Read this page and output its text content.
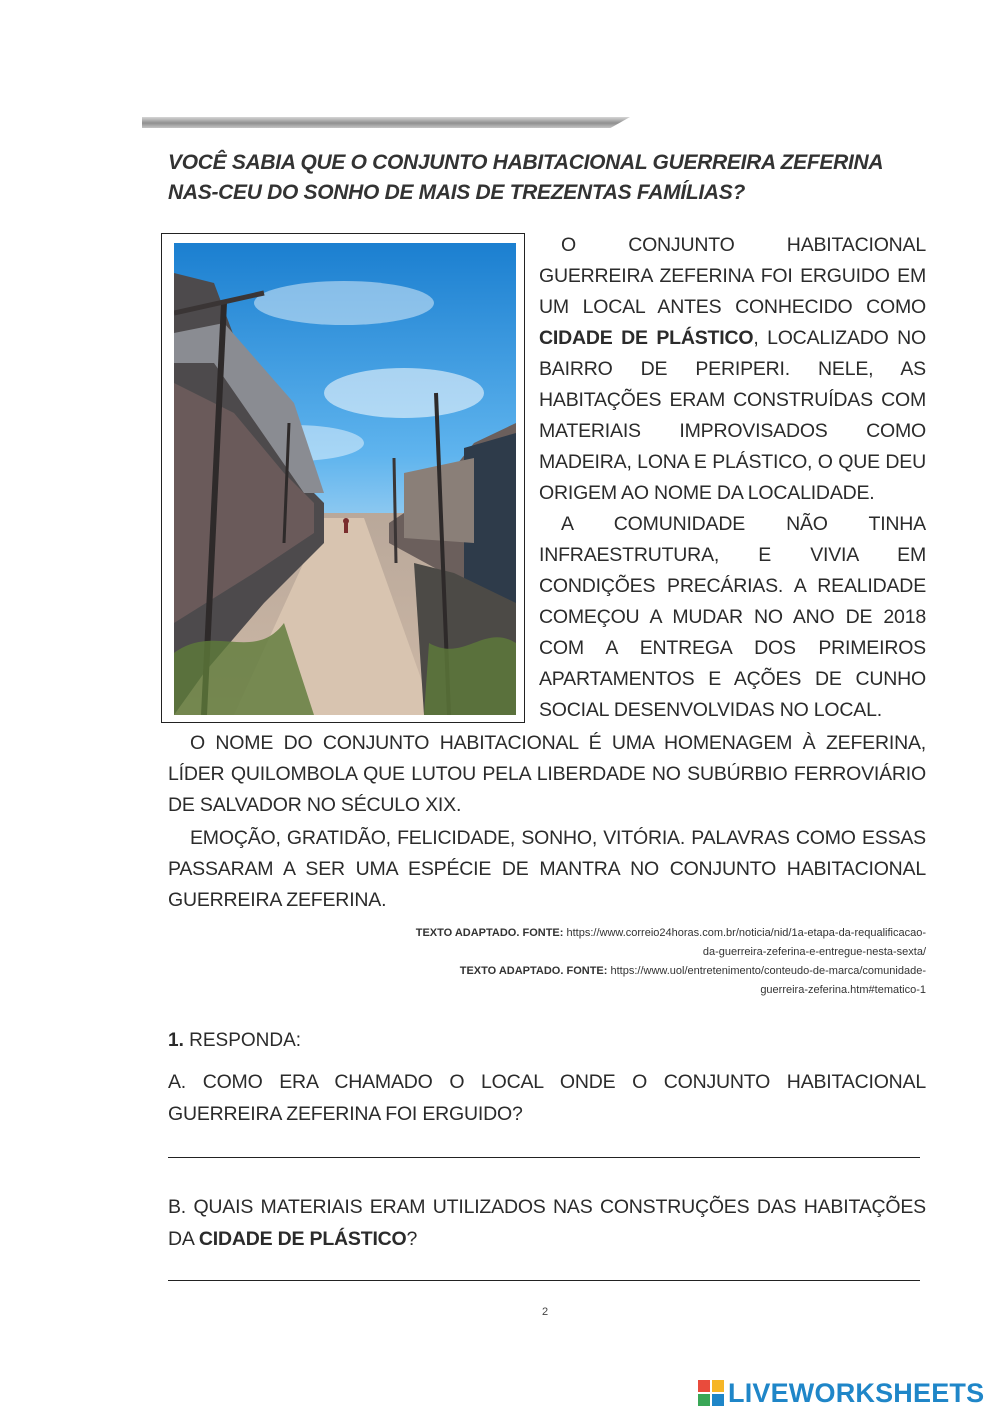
VOCÊ SABIA QUE O CONJUNTO HABITACIONAL GUERREIRA ZEFERINA NAS-CEU DO SONHO DE MAIS DE TREZENTAS FAMÍLIAS?

O CONJUNTO HABITACIONAL GUERREIRA ZEFERINA FOI ERGUIDO EM UM LOCAL ANTES CONHECIDO COMO CIDADE DE PLÁSTICO, LOCALIZADO NO BAIRRO DE PERIPERI. NELE, AS HABITAÇÕES ERAM CONSTRUÍDAS COM MATERIAIS IMPROVISADOS COMO MADEIRA, LONA E PLÁSTICO, O QUE DEU ORIGEM AO NOME DA LOCALIDADE.

A COMUNIDADE NÃO TINHA INFRAESTRUTURA, E VIVIA EM CONDIÇÕES PRECÁRIAS. A REALIDADE COMEÇOU A MUDAR NO ANO DE 2018 COM A ENTREGA DOS PRIMEIROS APARTAMENTOS E AÇÕES DE CUNHO SOCIAL DESENVOLVIDAS NO LOCAL.

O NOME DO CONJUNTO HABITACIONAL É UMA HOMENAGEM À ZEFERINA, LÍDER QUILOMBOLA QUE LUTOU PELA LIBERDADE NO SUBÚRBIO FERROVIÁRIO DE SALVADOR NO SÉCULO XIX.

EMOÇÃO, GRATIDÃO, FELICIDADE, SONHO, VITÓRIA. PALAVRAS COMO ESSAS PASSARAM A SER UMA ESPÉCIE DE MANTRA NO CONJUNTO HABITACIONAL GUERREIRA ZEFERINA.

TEXTO ADAPTADO. FONTE: https://www.correio24horas.com.br/noticia/nid/1a-etapa-da-requalificacao-
da-guerreira-zeferina-e-entregue-nesta-sexta/
TEXTO ADAPTADO. FONTE: https://www.uol/entretenimento/conteudo-de-marca/comunidade-
guerreira-zeferina.htm#tematico-1
1. RESPONDA:

A. COMO ERA CHAMADO O LOCAL ONDE O CONJUNTO HABITACIONAL GUERREIRA ZEFERINA FOI ERGUIDO?

B. QUAIS MATERIAIS ERAM UTILIZADOS NAS CONSTRUÇÕES DAS HABITAÇÕES DA CIDADE DE PLÁSTICO?

2
LIVEWORKSHEETS
